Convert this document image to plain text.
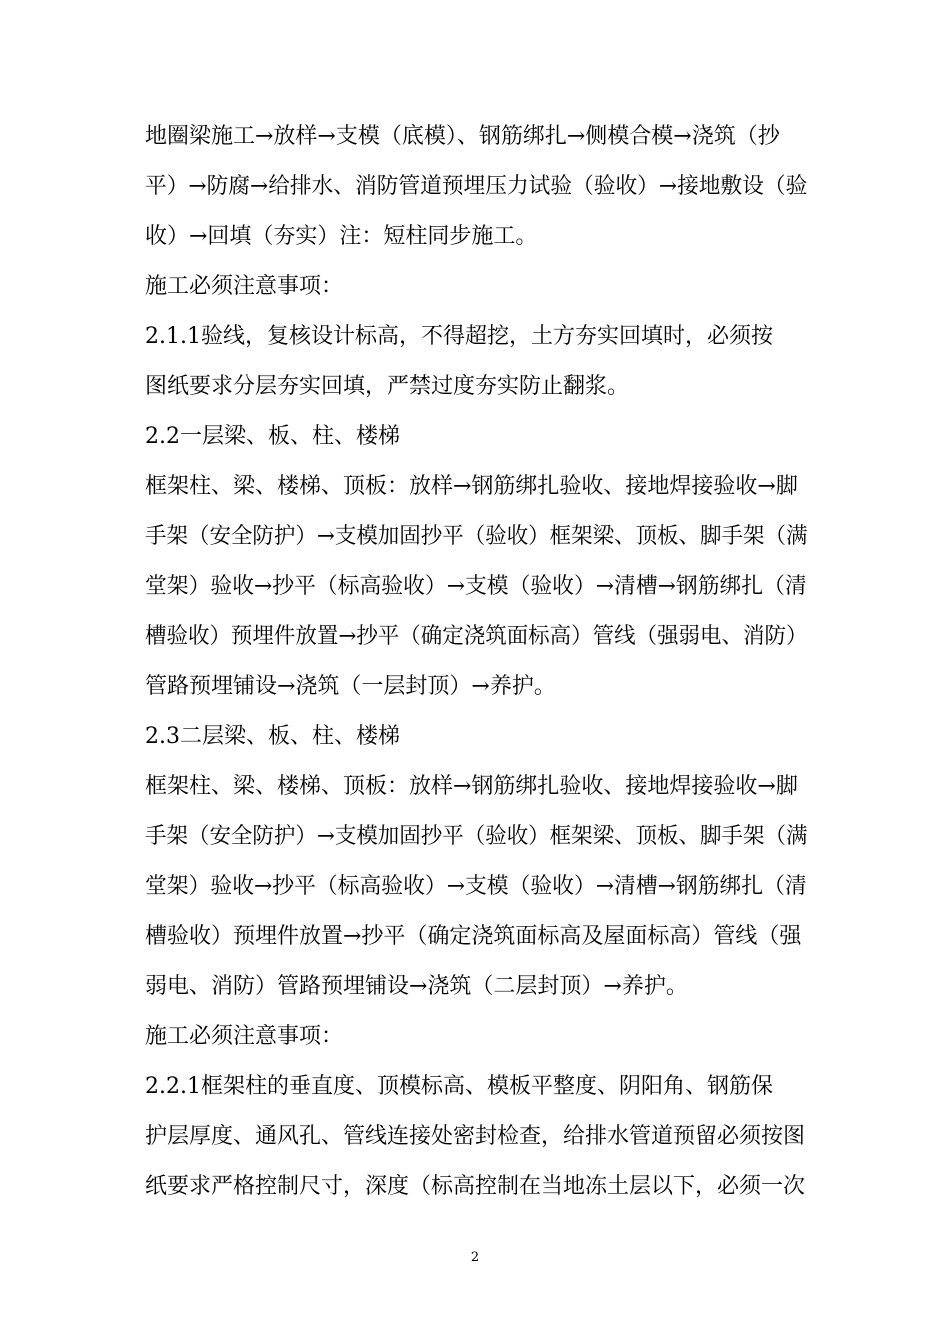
地圈梁施工→放样→支模（底模）、钢筋绑扎→侧模合模→浇筑（抄
平）→防腐→给排水、消防管道预埋压力试验（验收）→接地敷设（验
收）→回填（夯实）注：短柱同步施工。
施工必须注意事项：
2.1.1验线，复核设计标高，不得超挖，土方夯实回填时，必须按
图纸要求分层夯实回填，严禁过度夯实防止翻浆。
2.2一层梁、板、柱、楼梯
框架柱、梁、楼梯、顶板：放样→钢筋绑扎验收、接地焊接验收→脚
手架（安全防护）→支模加固抄平（验收）框架梁、顶板、脚手架（满
堂架）验收→抄平（标高验收）→支模（验收）→清槽→钢筋绑扎（清
槽验收）预埋件放置→抄平（确定浇筑面标高）管线（强弱电、消防）
管路预埋铺设→浇筑（一层封顶）→养护。
2.3二层梁、板、柱、楼梯
框架柱、梁、楼梯、顶板：放样→钢筋绑扎验收、接地焊接验收→脚
手架（安全防护）→支模加固抄平（验收）框架梁、顶板、脚手架（满
堂架）验收→抄平（标高验收）→支模（验收）→清槽→钢筋绑扎（清
槽验收）预埋件放置→抄平（确定浇筑面标高及屋面标高）管线（强
弱电、消防）管路预埋铺设→浇筑（二层封顶）→养护。
施工必须注意事项：
2.2.1框架柱的垂直度、顶模标高、模板平整度、阴阳角、钢筋保
护层厚度、通风孔、管线连接处密封检查，给排水管道预留必须按图
纸要求严格控制尺寸，深度（标高控制在当地冻土层以下，必须一次
2
